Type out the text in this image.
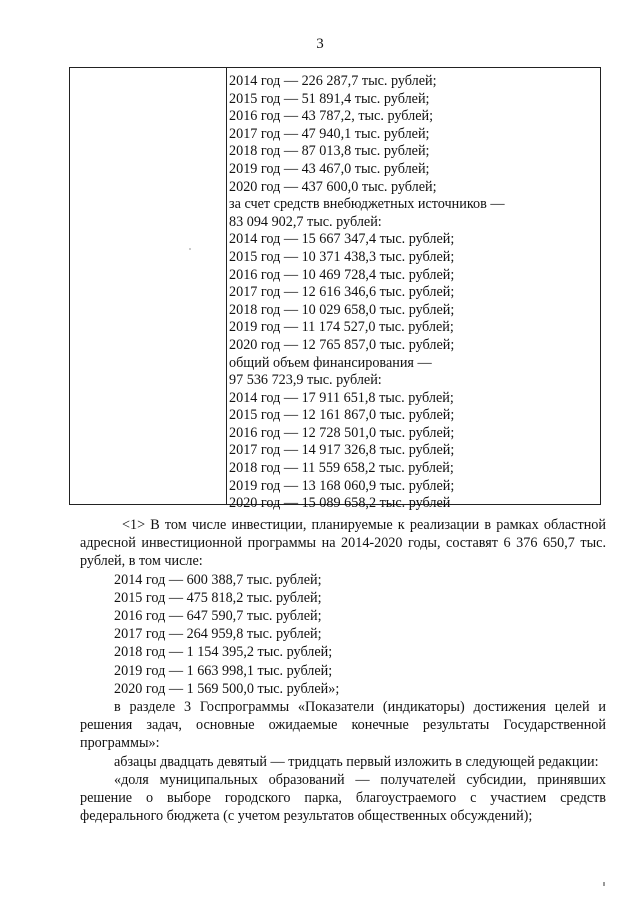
3
2014 год — 226 287,7 тыс. рублей;
2015 год — 51 891,4 тыс. рублей;
2016 год — 43 787,2, тыс. рублей;
2017 год — 47 940,1 тыс. рублей;
2018 год — 87 013,8 тыс. рублей;
2019 год — 43 467,0 тыс. рублей;
2020 год — 437 600,0 тыс. рублей;
за счет средств внебюджетных источников —
83 094 902,7 тыс. рублей:
2014 год — 15 667 347,4 тыс. рублей;
2015 год — 10 371 438,3 тыс. рублей;
2016 год — 10 469 728,4 тыс. рублей;
2017 год — 12 616 346,6 тыс. рублей;
2018 год — 10 029 658,0 тыс. рублей;
2019 год — 11 174 527,0 тыс. рублей;
2020 год — 12 765 857,0 тыс. рублей;
общий объем финансирования —
97 536 723,9 тыс. рублей:
2014 год — 17 911 651,8 тыс. рублей;
2015 год — 12 161 867,0 тыс. рублей;
2016 год — 12 728 501,0 тыс. рублей;
2017 год — 14 917 326,8 тыс. рублей;
2018 год — 11 559 658,2 тыс. рублей;
2019 год — 13 168 060,9 тыс. рублей;
2020 год — 15 089 658,2 тыс. рублей

<1> В том числе инвестиции, планируемые к реализации в рамках областной адресной инвестиционной программы на 2014-2020 годы, составят 6 376 650,7 тыс. рублей, в том числе:

2014 год — 600 388,7 тыс. рублей;
2015 год — 475 818,2 тыс. рублей;
2016 год — 647 590,7 тыс. рублей;
2017 год — 264 959,8 тыс. рублей;
2018 год — 1 154 395,2 тыс. рублей;
2019 год — 1 663 998,1 тыс. рублей;
2020 год — 1 569 500,0 тыс. рублей»;

в разделе 3 Госпрограммы «Показатели (индикаторы) достижения целей и решения задач, основные ожидаемые конечные результаты Государственной программы»:

абзацы двадцать девятый — тридцать первый изложить в следующей редакции:

«доля муниципальных образований — получателей субсидии, принявших решение о выборе городского парка, благоустраемого с участием средств федерального бюджета (с учетом результатов общественных обсуждений);
